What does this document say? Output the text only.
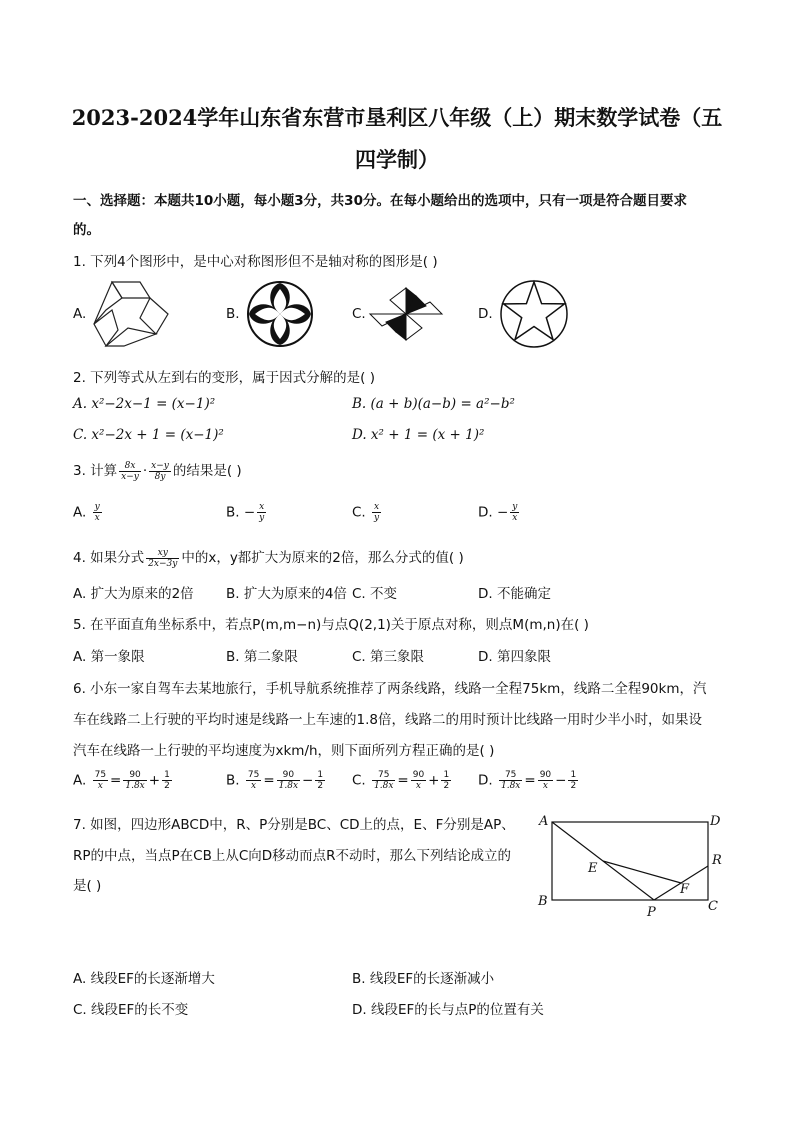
2023-2024学年山东省东营市垦利区八年级（上）期末数学试卷（五
四学制）
一、选择题：本题共10小题，每小题3分，共30分。在每小题给出的选项中，只有一项是符合题目要求
的。
1. 下列4个图形中，是中心对称图形但不是轴对称的图形是( )
A.	B.	C.	D.
2. 下列等式从左到右的变形，属于因式分解的是( )
A. x²−2x−1 = (x−1)²	B. (a + b)(a−b) = a²−b²
C. x²−2x + 1 = (x−1)²	D. x² + 1 = (x + 1)²
3. 计算 $\frac{8x}{x-y} \cdot \frac{x-y}{8y}$ 的结果是( )
A. $\frac{y}{x}$	B. − $\frac{x}{y}$	C. $\frac{x}{y}$	D. − $\frac{y}{x}$
4. 如果分式 $\frac{xy}{2x-3y}$ 中的x，y都扩大为原来的2倍，那么分式的值( )
A. 扩大为原来的2倍 B. 扩大为原来的4倍 C. 不变	D. 不能确定
5. 在平面直角坐标系中，若点P(m,m−n)与点Q(2,1)关于原点对称，则点M(m,n)在( )
A. 第一象限	B. 第二象限	C. 第三象限	D. 第四象限
6. 小东一家自驾车去某地旅行，手机导航系统推荐了两条线路，线路一全程75km，线路二全程90km，汽
车在线路二上行驶的平均时速是线路一上车速的1.8倍，线路二的用时预计比线路一用时少半小时，如果设
汽车在线路一上行驶的平均速度为xkm/h，则下面所列方程正确的是( )
A. $\frac{75}{x} = \frac{90}{1.8x} + \frac{1}{2}$	B. $\frac{75}{x} = \frac{90}{1.8x} - \frac{1}{2} C$. $\frac{75}{1.8x} = \frac{90}{x} + \frac{1}{2} D$. $\frac{75}{1.8x} = \frac{90}{x} - \frac{1}{2}$
7. 如图，四边形ABCD中，R、P分别是BC、CD上的点，E、F分别是AP、
RP的中点，当点P在CB上从C向D移动而点R不动时，那么下列结论成立的
是( )
A	D
R
E
F
B
P	C
A. 线段EF的长逐渐增大	B. 线段EF的长逐渐减小
C. 线段EF的长不变	D. 线段EF的长与点P的位置有关
